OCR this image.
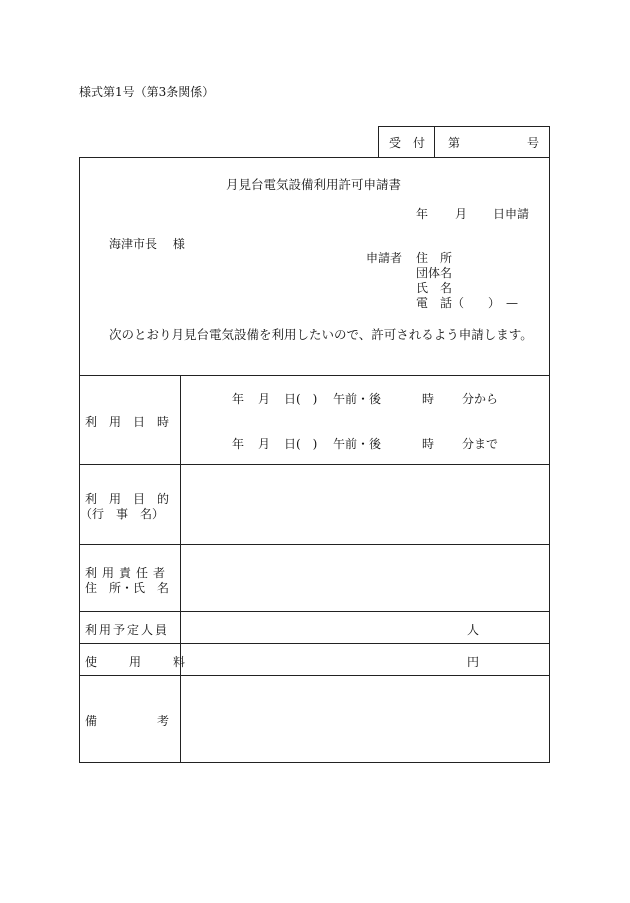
様式第1号（第3条関係）
受　付 第	号
月見台電気設備利用許可申請書
年 月 日申請
海津市長　 様
申請者 住　所
団体名
氏　名
電　話（　　）　—
次のとおり月見台電気設備を利用したいので、許可されるよう申請します。
利　用　日　時
年 月 日(　) 午前・後	時 分から
年 月 日(　) 午前・後	時 分まで
利　用　目　的
（行　事　名）
利用責任者
住　所・氏　名
利用予定人員	人
使　用　料	円
備　　　考
